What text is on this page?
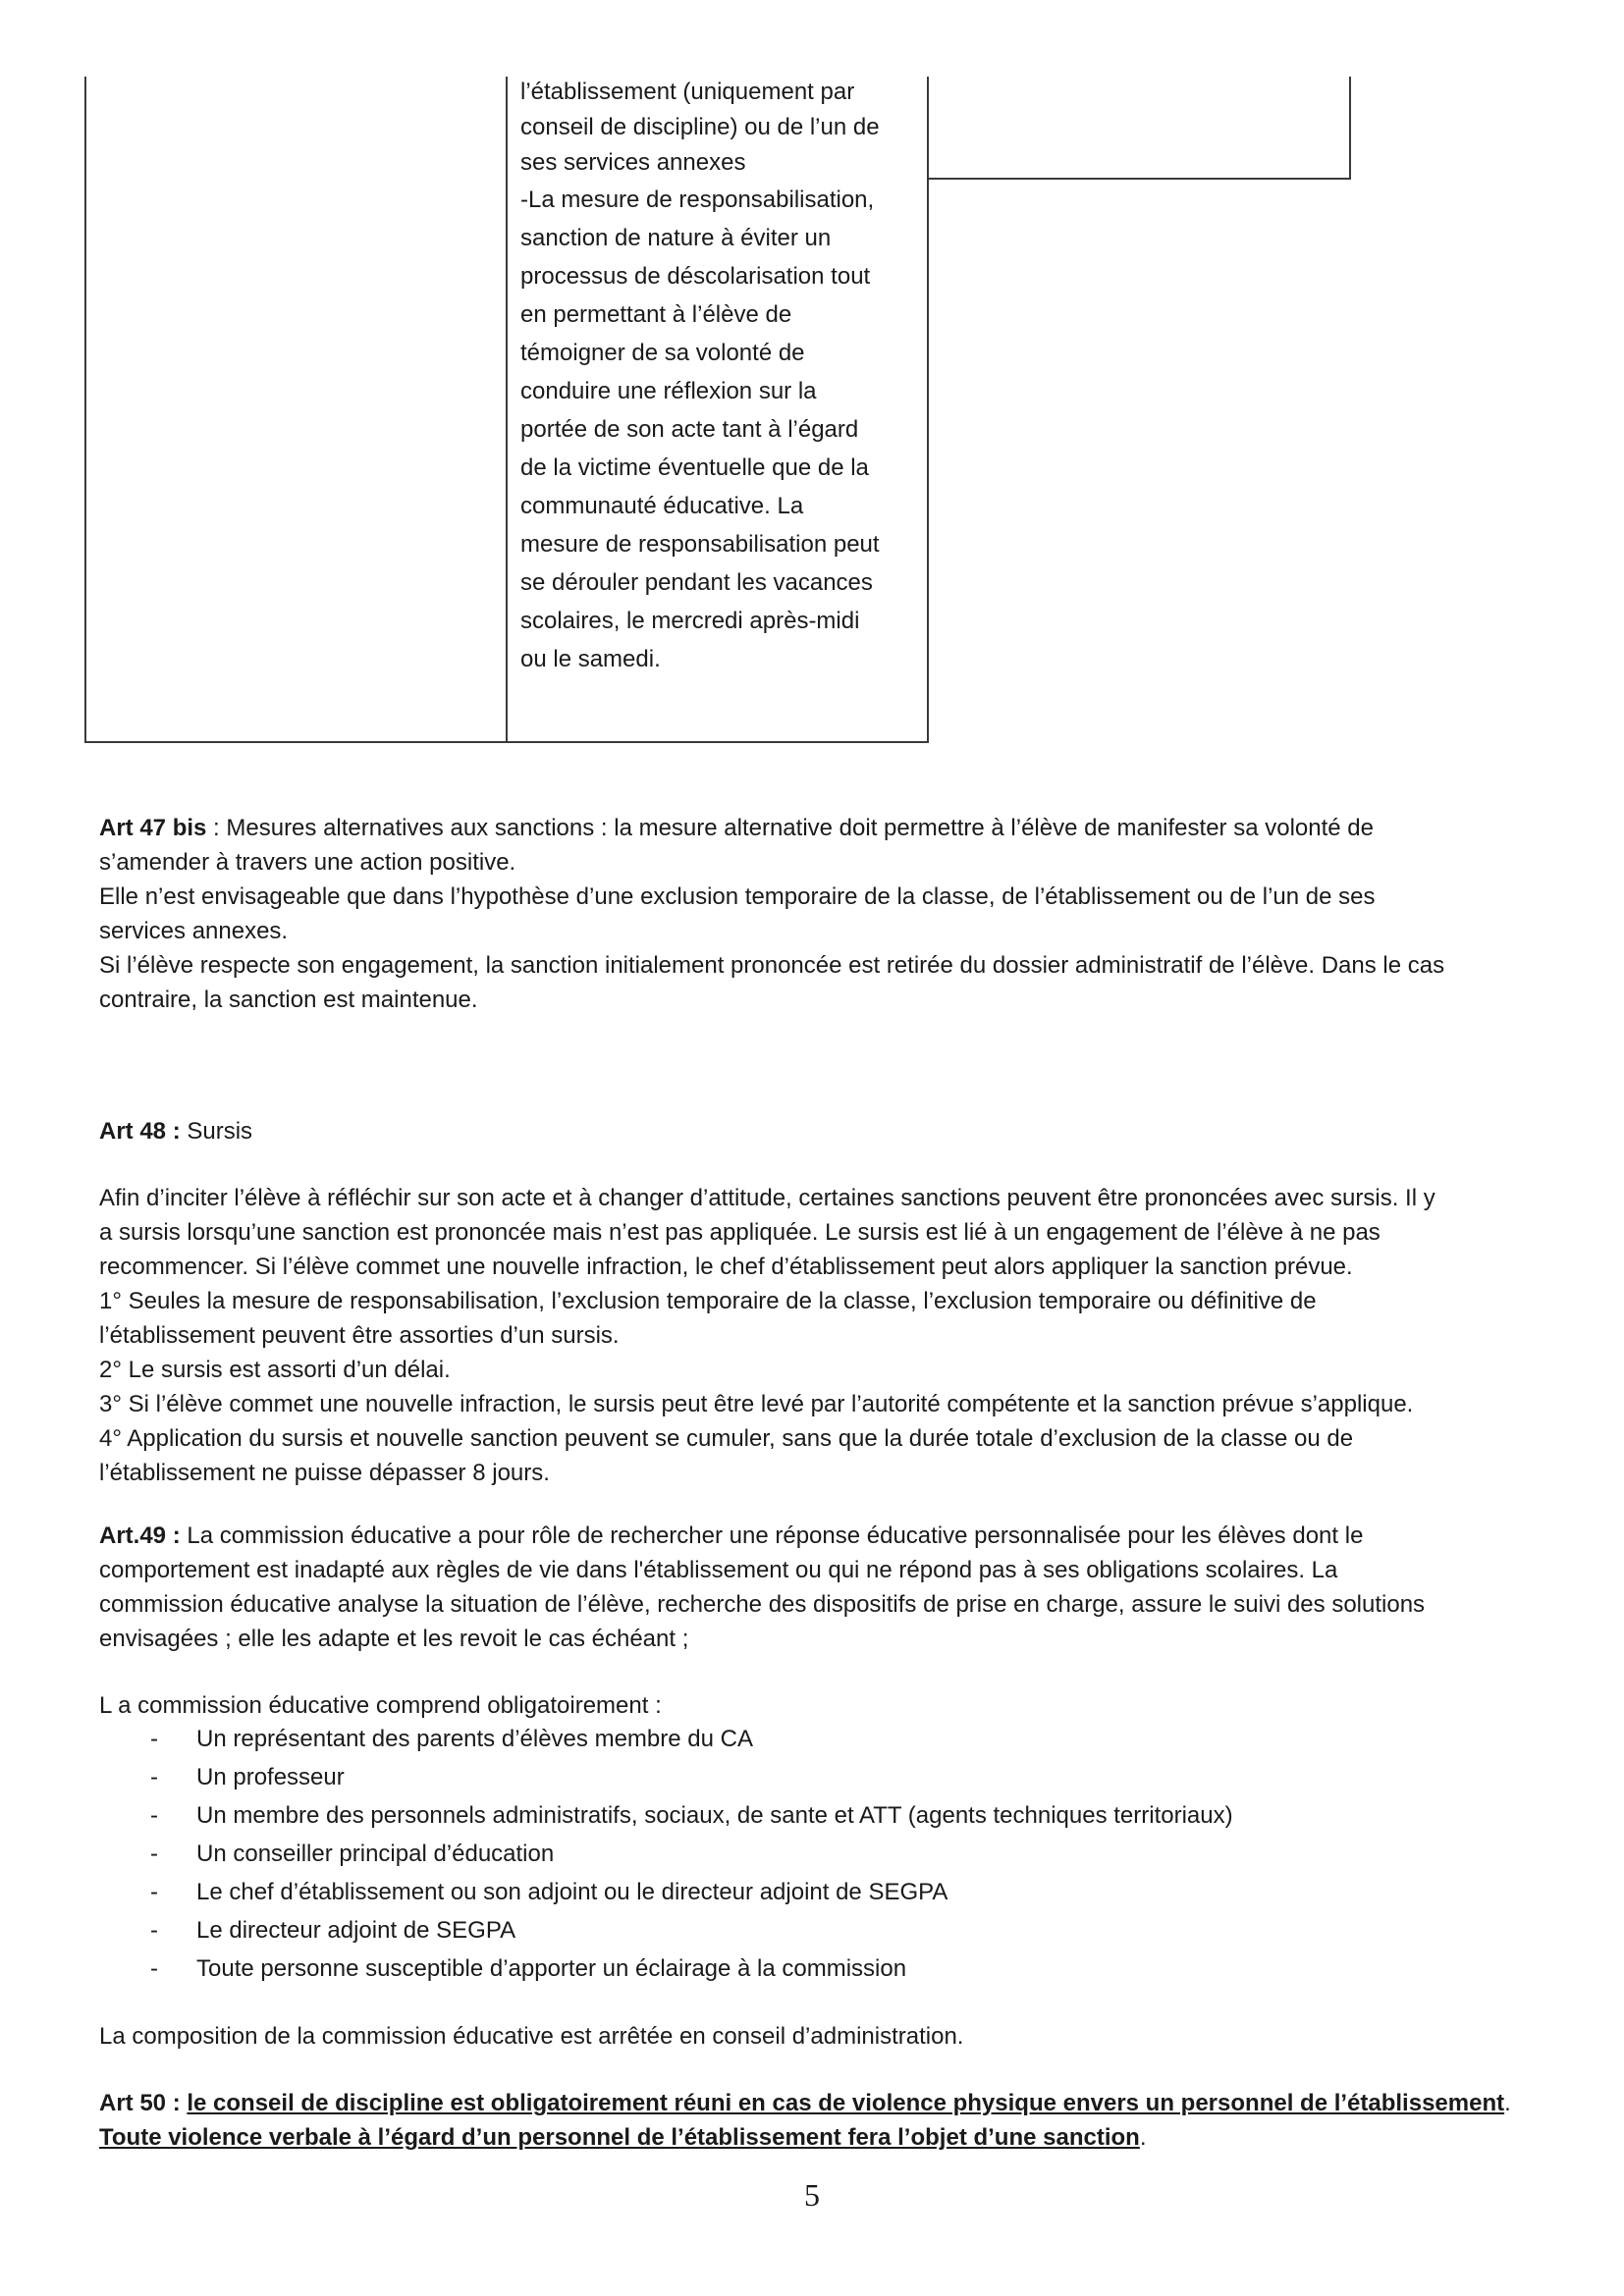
l’établissement (uniquement par
conseil de discipline) ou de l’un de
ses services annexes
-La mesure de responsabilisation,
sanction de nature à éviter un
processus de déscolarisation tout
en permettant à l’élève de
témoigner de sa volonté de
conduire une réflexion sur la
portée de son acte tant à l’égard
de la victime éventuelle que de la
communauté éducative. La
mesure de responsabilisation peut
se dérouler pendant les vacances
scolaires, le mercredi après-midi
ou le samedi.
Art 47 bis : Mesures alternatives aux sanctions : la mesure alternative doit permettre à l’élève de manifester sa volonté de
s’amender à travers une action positive.
Elle n’est envisageable que dans l’hypothèse d’une exclusion temporaire de la classe, de l’établissement ou de l’un de ses
services annexes.
Si l’élève respecte son engagement, la sanction initialement prononcée est retirée du dossier administratif de l’élève. Dans le cas
contraire, la sanction est maintenue.
Art 48 : Sursis
Afin d’inciter l’élève à réfléchir sur son acte et à changer d’attitude, certaines sanctions peuvent être prononcées avec sursis. Il y
a sursis lorsqu’une sanction est prononcée mais n’est pas appliquée. Le sursis est lié à un engagement de l’élève à ne pas
recommencer. Si l’élève commet une nouvelle infraction, le chef d’établissement peut alors appliquer la sanction prévue.
1° Seules la mesure de responsabilisation, l’exclusion temporaire de la classe, l’exclusion temporaire ou définitive de
l’établissement peuvent être assorties d’un sursis.
2° Le sursis est assorti d’un délai.
3° Si l’élève commet une nouvelle infraction, le sursis peut être levé par l’autorité compétente et la sanction prévue s’applique.
4° Application du sursis et nouvelle sanction peuvent se cumuler, sans que la durée totale d’exclusion de la classe ou de
l’établissement ne puisse dépasser 8 jours.
Art.49 : La commission éducative a pour rôle de rechercher une réponse éducative personnalisée pour les élèves dont le
comportement est inadapté aux règles de vie dans l'établissement ou qui ne répond pas à ses obligations scolaires. La
commission éducative analyse la situation de l’élève, recherche des dispositifs de prise en charge, assure le suivi des solutions
envisagées ; elle les adapte et les revoit le cas échéant ;
L a commission éducative comprend obligatoirement :
- Un représentant des parents d’élèves membre du CA
- Un professeur
- Un membre des personnels administratifs, sociaux, de sante et ATT (agents techniques territoriaux)
- Un conseiller principal d’éducation
- Le chef d’établissement ou son adjoint ou le directeur adjoint de SEGPA
- Le directeur adjoint de SEGPA
- Toute personne susceptible d’apporter un éclairage à la commission
La composition de la commission éducative est arrêtée en conseil d’administration.
Art 50 : le conseil de discipline est obligatoirement réuni en cas de violence physique envers un personnel de l’établissement.
Toute violence verbale à l’égard d’un personnel de l’établissement fera l’objet d’une sanction.
5
